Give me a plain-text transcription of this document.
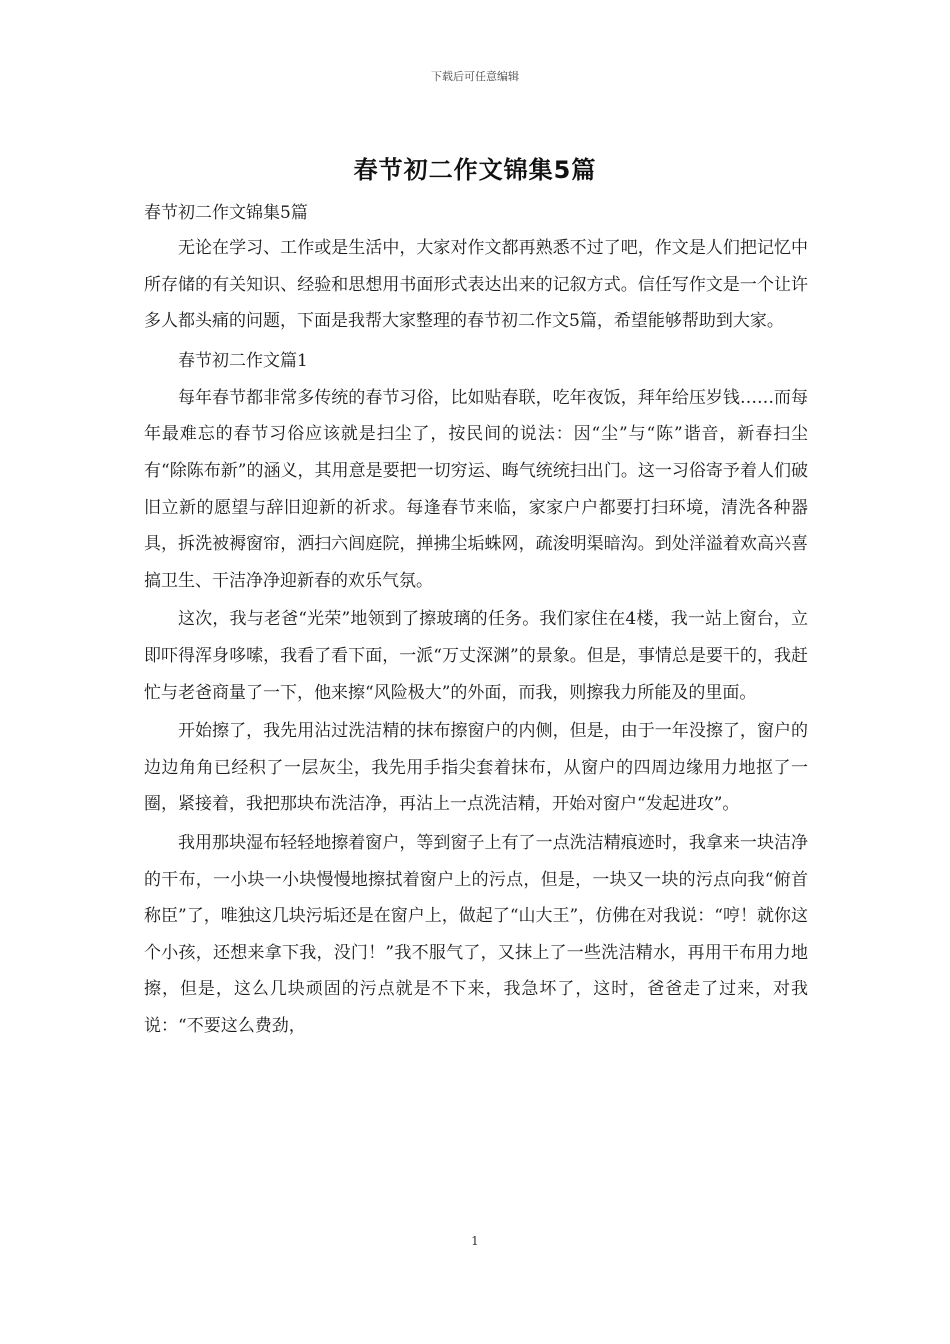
下载后可任意编辑
春节初二作文锦集5篇

春节初二作文锦集5篇

无论在学习、工作或是生活中，大家对作文都再熟悉不过了吧，作文是人们把记忆中所存储的有关知识、经验和思想用书面形式表达出来的记叙方式。信任写作文是一个让许多人都头痛的问题，下面是我帮大家整理的春节初二作文5篇，希望能够帮助到大家。

春节初二作文篇1

每年春节都非常多传统的春节习俗，比如贴春联，吃年夜饭，拜年给压岁钱……而每年最难忘的春节习俗应该就是扫尘了，按民间的说法：因“尘”与“陈”谐音，新春扫尘有“除陈布新”的涵义，其用意是要把一切穷运、晦气统统扫出门。这一习俗寄予着人们破旧立新的愿望与辞旧迎新的祈求。每逢春节来临，家家户户都要打扫环境，清洗各种器具，拆洗被褥窗帘，洒扫六闾庭院，掸拂尘垢蛛网，疏浚明渠暗沟。到处洋溢着欢高兴喜搞卫生、干洁净净迎新春的欢乐气氛。

这次，我与老爸“光荣”地领到了擦玻璃的任务。我们家住在4楼，我一站上窗台，立即吓得浑身哆嗦，我看了看下面，一派“万丈深渊”的景象。但是，事情总是要干的，我赶忙与老爸商量了一下，他来擦“风险极大”的外面，而我，则擦我力所能及的里面。

开始擦了，我先用沾过洗洁精的抹布擦窗户的内侧，但是，由于一年没擦了，窗户的边边角角已经积了一层灰尘，我先用手指尖套着抹布，从窗户的四周边缘用力地抠了一圈，紧接着，我把那块布洗洁净，再沾上一点洗洁精，开始对窗户“发起进攻”。

我用那块湿布轻轻地擦着窗户，等到窗子上有了一点洗洁精痕迹时，我拿来一块洁净的干布，一小块一小块慢慢地擦拭着窗户上的污点，但是，一块又一块的污点向我“俯首称臣”了，唯独这几块污垢还是在窗户上，做起了“山大王”，仿佛在对我说：“哼！就你这个小孩，还想来拿下我，没门！”我不服气了，又抹上了一些洗洁精水，再用干布用力地擦，但是，这么几块顽固的污点就是不下来，我急坏了，这时，爸爸走了过来，对我说：“不要这么费劲，

1
